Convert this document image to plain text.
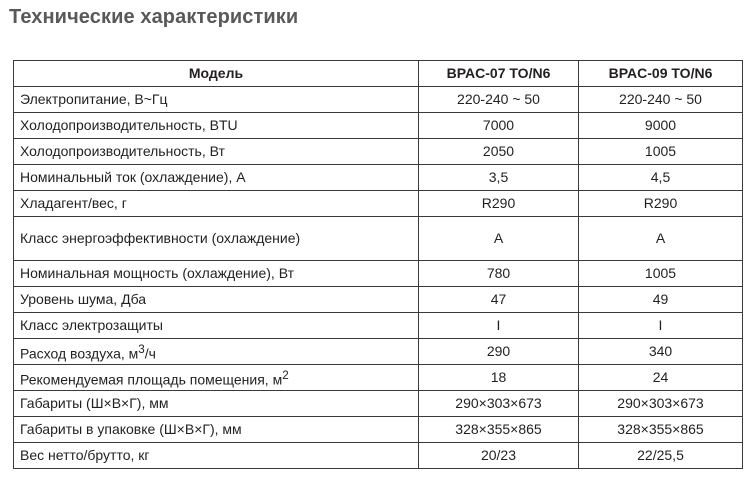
Технические характеристики
Модель	BPAC-07 TO/N6	BPAC-09 TO/N6
Электропитание, В~Гц	220-240 ~ 50	220-240 ~ 50
Холодопроизводительность, BTU	7000	9000
Холодопроизводительность, Вт	2050	1005
Номинальный ток (охлаждение), А	3,5	4,5
Хладагент/вес, г	R290	R290
Класс энергоэффективности (охлаждение)	A	A
Номинальная мощность (охлаждение), Вт	780	1005
Уровень шума, Дба	47	49
Класс электрозащиты	I	I
Расход воздуха, $м^3/ч$	290	340
Рекомендуемая площадь помещения, $м^2$	18	24
Габариты (Ш×В×Г), мм	290×303×673	290×303×673
Габариты в упаковке (Ш×В×Г), мм	328×355×865	328×355×865
Вес нетто/брутто, кг	20/23	22/25,5
